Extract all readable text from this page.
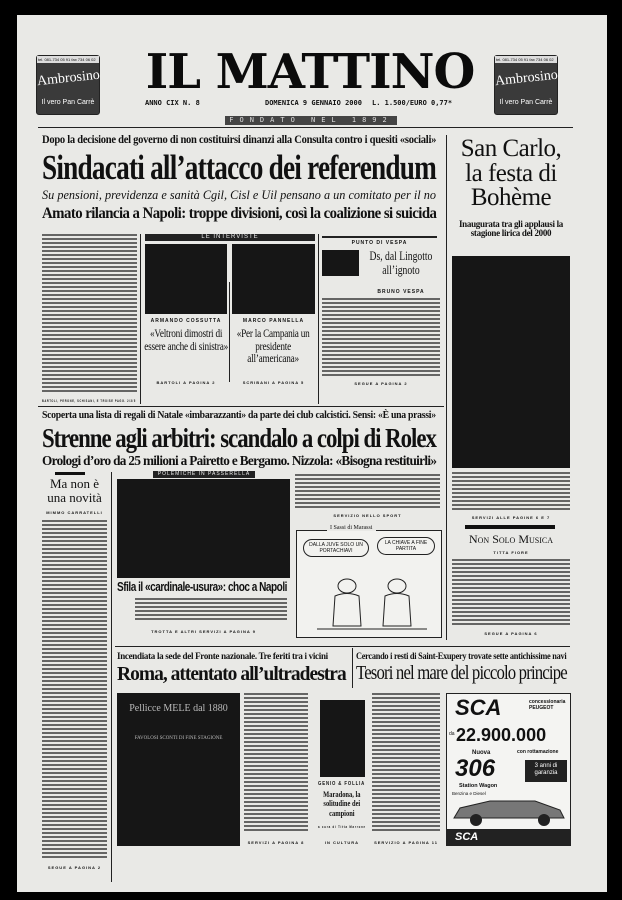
tel. 081-734 05 91 fax 734 06 02
Ambrosino
Il vero Pan Carrè
tel. 081-734 05 91 fax 734 06 02
Ambrosino
Il vero Pan Carrè
IL MATTINO
ANNO CIX N. 8	DOMENICA 9 GENNAIO 2000 L. 1.500/EURO 0,77*
FONDATO NEL 1892
Dopo la decisione del governo di non costituirsi dinanzi alla Consulta contro i quesiti «sociali»
Sindacati all’attacco dei referendum
Su pensioni, previdenza e sanità Cgil, Cisl e Uil pensano a un comitato per il no
Amato rilancia a Napoli: troppe divisioni, così la coalizione si suicida
BARTOLI, PERONE, SCHISANI, E TROISE PAGG. 2/3/5
LE INTERVISTE
ARMANDO COSSUTTA
«Veltroni dimostri di essere anche di sinistra»
BARTOLI A PAGINA 2
MARCO PANNELLA
«Per la Campania un presidente all’americana»
SCRIBANI A PAGINA 5
PUNTO DI VESPA
Ds, dal Lingotto all’ignoto
BRUNO VESPA
SEGUE A PAGINA 2
San Carlo, la festa di Bohème
Inaugurata tra gli applausi la stagione lirica del 2000
SERVIZI ALLE PAGINE 6 E 7
Scoperta una lista di regali di Natale «imbarazzanti» da parte dei club calcistici. Sensi: «È una prassi»
Strenne agli arbitri: scandalo a colpi di Rolex
Orologi d’oro da 25 milioni a Pairetto e Bergamo. Nizzola: «Bisogna restituirli»
SERVIZIO NELLO SPORT
Ma non è una novità
MIMMO CARRATELLI
SEGUE A PAGINA 2
POLEMICHE IN PASSERELLA
Sfila il «cardinale-usura»: choc a Napoli
TROTTA E ALTRI SERVIZI A PAGINA 9
I Sassi di Marassi
DALLA JUVE SOLO UN PORTACHIAVI
LA CHIAVE A FINE PARTITA
Non Solo Musica
TITTA FIORE
SEGUE A PAGINA 6
Incendiata la sede del Fronte nazionale. Tre feriti tra i vicini
Roma, attentato all’ultradestra
Cercando i resti di Saint-Exupery trovate sette antichissime navi
Tesori nel mare del piccolo principe
Pellicce MELE dal 1880
FAVOLOSI SCONTI DI FINE STAGIONE
SERVIZI A PAGINA 8
GENIO & FOLLIA
Maradona, la solitudine dei campioni
a cura di Titta Marrone
IN CULTURA	SERVIZIO A PAGINA 11
SCA	concessionaria PEUGEOT
da 22.900.000
Nuova	con rottamazione
306	3 anni di garanzia
Station Wagon
Benzina e Diesel
SCA
